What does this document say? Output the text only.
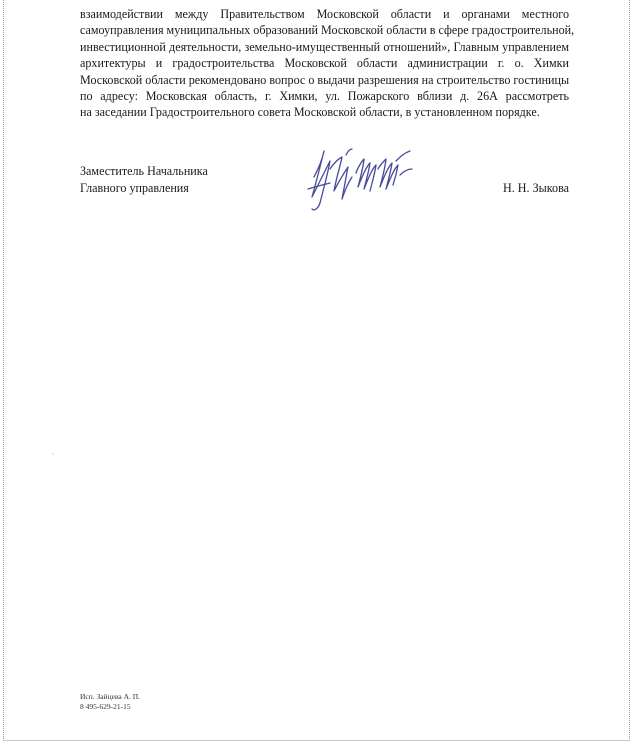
взаимодействии между Правительством Московской области и органами местного
самоуправления муниципальных образований Московской области в сфере градостроительной,
инвестиционной деятельности, земельно-имущественный отношений», Главным управлением
архитектуры и градостроительства Московской области администрации г. о. Химки
Московской области рекомендовано вопрос о выдачи разрешения на строительство гостиницы
по адресу: Московская область, г. Химки, ул. Пожарского вблизи д. 26А рассмотреть
на заседании Градостроительного совета Московской области, в установленном порядке.
Заместитель Начальника
Главного управления	Н. Н. Зыкова
Исп. Зайцева А. П.
8 495-629-21-15
